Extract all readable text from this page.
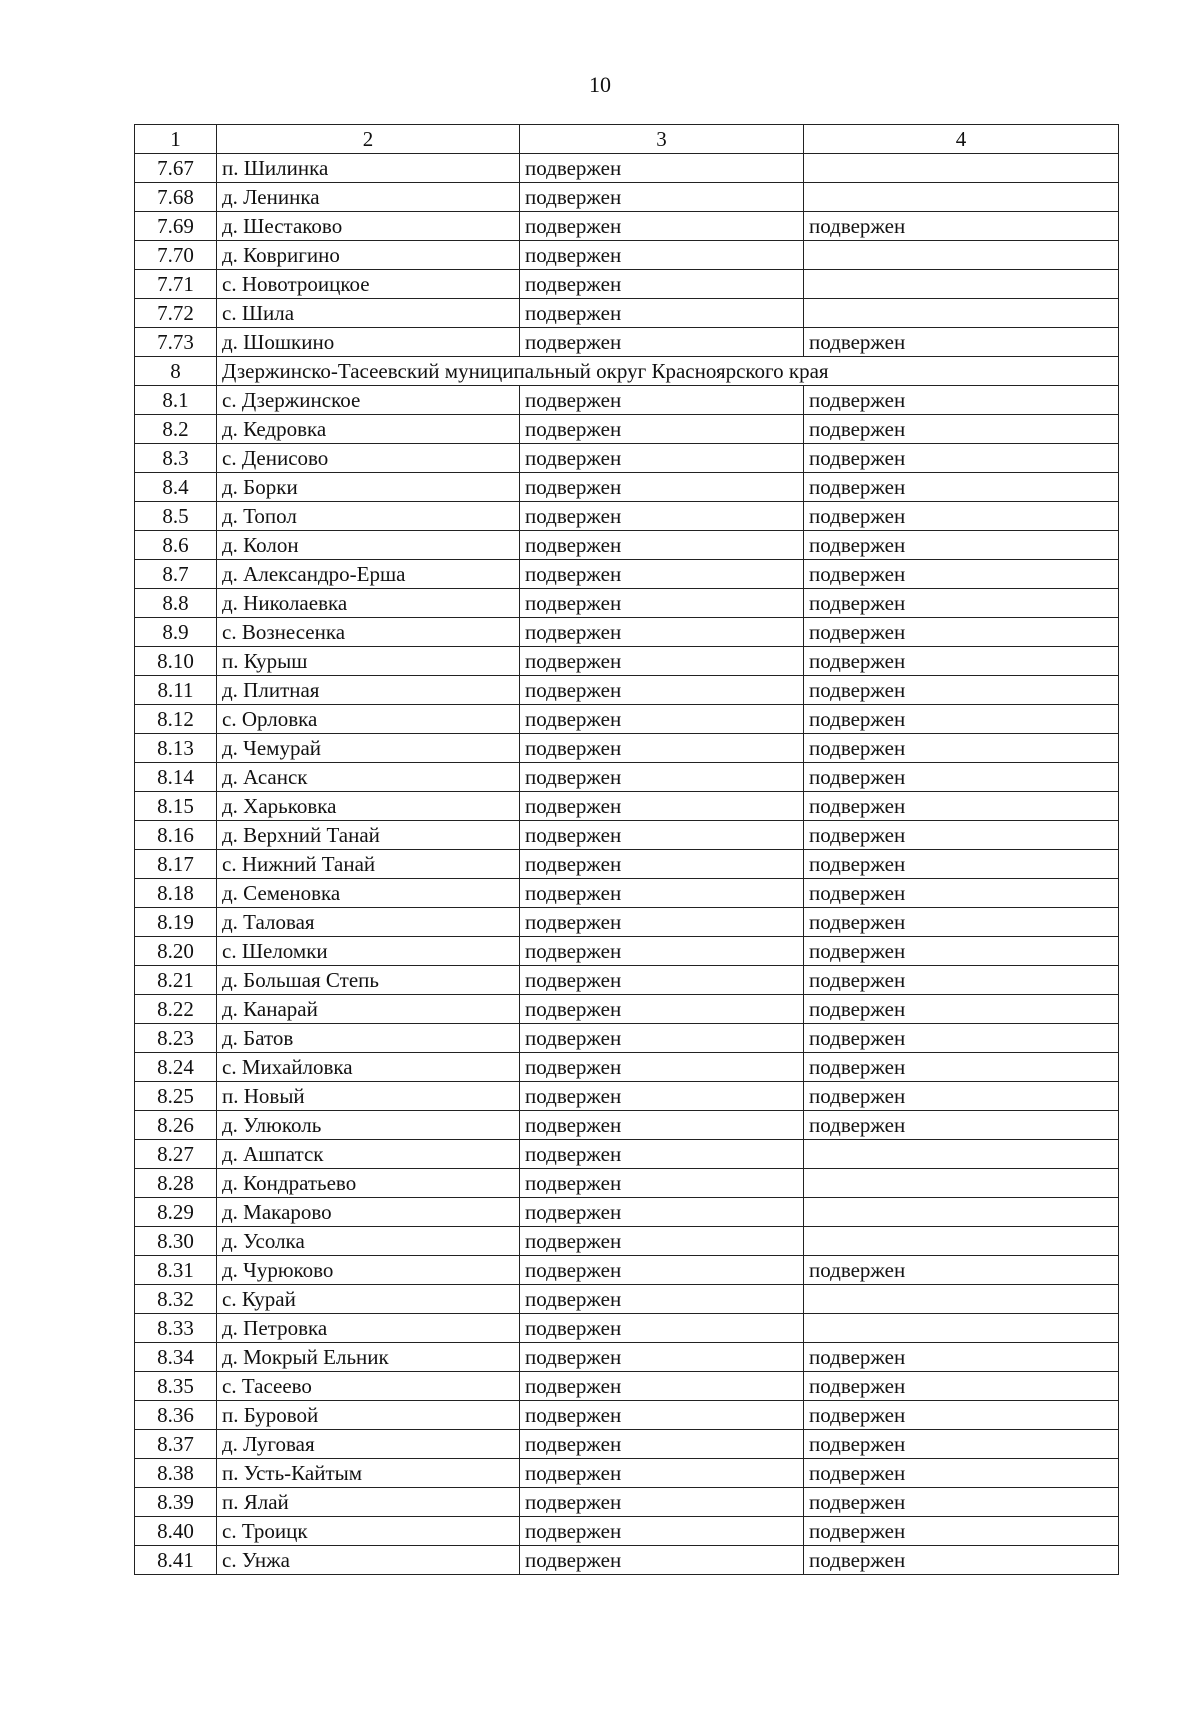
10
1	2	3	4
7.67	п. Шилинка	подвержен	
7.68	д. Ленинка	подвержен	
7.69	д. Шестаково	подвержен	подвержен
7.70	д. Ковригино	подвержен	
7.71	с. Новотроицкое	подвержен	
7.72	с. Шила	подвержен	
7.73	д. Шошкино	подвержен	подвержен
8	Дзержинско-Тасеевский муниципальный округ Красноярского края		
8.1	с. Дзержинское	подвержен	подвержен
8.2	д. Кедровка	подвержен	подвержен
8.3	с. Денисово	подвержен	подвержен
8.4	д. Борки	подвержен	подвержен
8.5	д. Топол	подвержен	подвержен
8.6	д. Колон	подвержен	подвержен
8.7	д. Александро-Ерша	подвержен	подвержен
8.8	д. Николаевка	подвержен	подвержен
8.9	с. Вознесенка	подвержен	подвержен
8.10	п. Курыш	подвержен	подвержен
8.11	д. Плитная	подвержен	подвержен
8.12	с. Орловка	подвержен	подвержен
8.13	д. Чемурай	подвержен	подвержен
8.14	д. Асанск	подвержен	подвержен
8.15	д. Харьковка	подвержен	подвержен
8.16	д. Верхний Танай	подвержен	подвержен
8.17	с. Нижний Танай	подвержен	подвержен
8.18	д. Семеновка	подвержен	подвержен
8.19	д. Таловая	подвержен	подвержен
8.20	с. Шеломки	подвержен	подвержен
8.21	д. Большая Степь	подвержен	подвержен
8.22	д. Канарай	подвержен	подвержен
8.23	д. Батов	подвержен	подвержен
8.24	с. Михайловка	подвержен	подвержен
8.25	п. Новый	подвержен	подвержен
8.26	д. Улюколь	подвержен	подвержен
8.27	д. Ашпатск	подвержен	
8.28	д. Кондратьево	подвержен	
8.29	д. Макарово	подвержен	
8.30	д. Усолка	подвержен	
8.31	д. Чурюково	подвержен	подвержен
8.32	с. Курай	подвержен	
8.33	д. Петровка	подвержен	
8.34	д. Мокрый Ельник	подвержен	подвержен
8.35	с. Тасеево	подвержен	подвержен
8.36	п. Буровой	подвержен	подвержен
8.37	д. Луговая	подвержен	подвержен
8.38	п. Усть-Кайтым	подвержен	подвержен
8.39	п. Ялай	подвержен	подвержен
8.40	с. Троицк	подвержен	подвержен
8.41	с. Унжа	подвержен	подвержен
